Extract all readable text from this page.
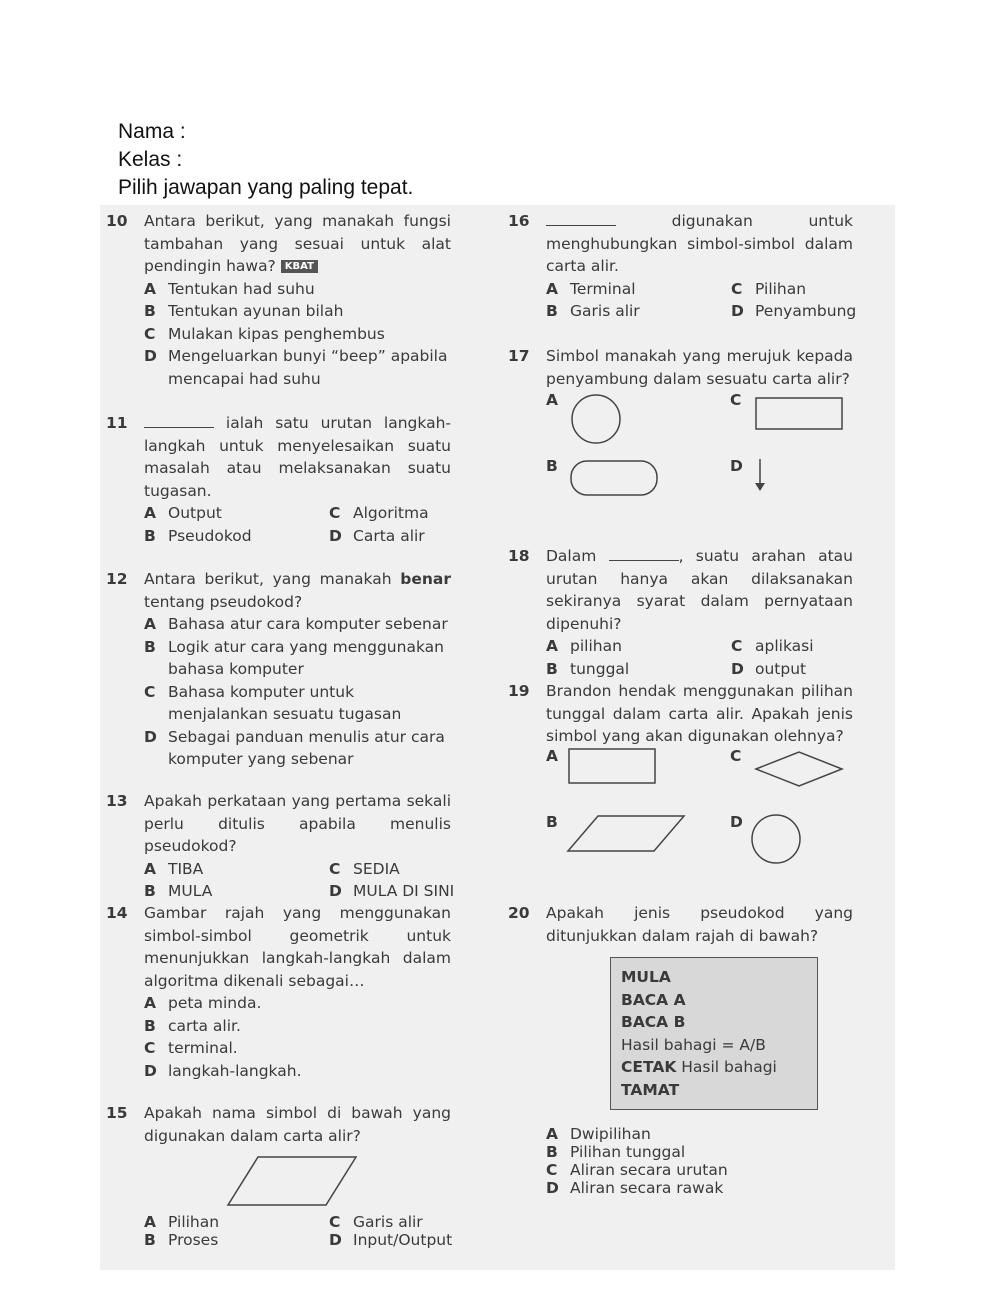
Nama :
Kelas :
Pilih jawapan yang paling tepat.
10	Antara berikut, yang manakah fungsi tambahan yang sesuai untuk alat pendingin hawa? KBAT
A Tentukan had suhu
B Tentukan ayunan bilah
C Mulakan kipas penghembus
D Mengeluarkan bunyi “beep” apabila mencapai had suhu
11	ialah satu urutan langkah-langkah untuk menyelesaikan suatu masalah atau melaksanakan suatu tugasan.
A Output	C Algoritma
B Pseudokod	D Carta alir
12	Antara berikut, yang manakah benar tentang pseudokod?
A Bahasa atur cara komputer sebenar
B Logik atur cara yang menggunakan bahasa komputer
C Bahasa komputer untuk menjalankan sesuatu tugasan
D Sebagai panduan menulis atur cara komputer yang sebenar
13	Apakah perkataan yang pertama sekali perlu ditulis apabila menulis pseudokod?
A TIBA	C SEDIA
B MULA	D MULA DI SINI
14	Gambar rajah yang menggunakan simbol-simbol geometrik untuk menunjukkan langkah-langkah dalam algoritma dikenali sebagai…
A peta minda.
B carta alir.
C terminal.
D langkah-langkah.
15	Apakah nama simbol di bawah yang digunakan dalam carta alir?
A Pilihan	C Garis alir
B Proses	D Input/Output
16	digunakan untuk menghubungkan simbol-simbol dalam carta alir.
A Terminal	C Pilihan
B Garis alir	D Penyambung
17	Simbol manakah yang merujuk kepada penyambung dalam sesuatu carta alir?
A	C
B	D
18	Dalam	, suatu arahan atau urutan hanya akan dilaksanakan sekiranya syarat dalam pernyataan dipenuhi?
A pilihan	C aplikasi
B tunggal	D output
19	Brandon hendak menggunakan pilihan tunggal dalam carta alir. Apakah jenis simbol yang akan digunakan olehnya?
A	C
B	D
20	Apakah jenis pseudokod yang ditunjukkan dalam rajah di bawah?
MULA
BACA A
BACA B
Hasil bahagi = A/B
CETAK Hasil bahagi
TAMAT
A Dwipilihan
B Pilihan tunggal
C Aliran secara urutan
D Aliran secara rawak
